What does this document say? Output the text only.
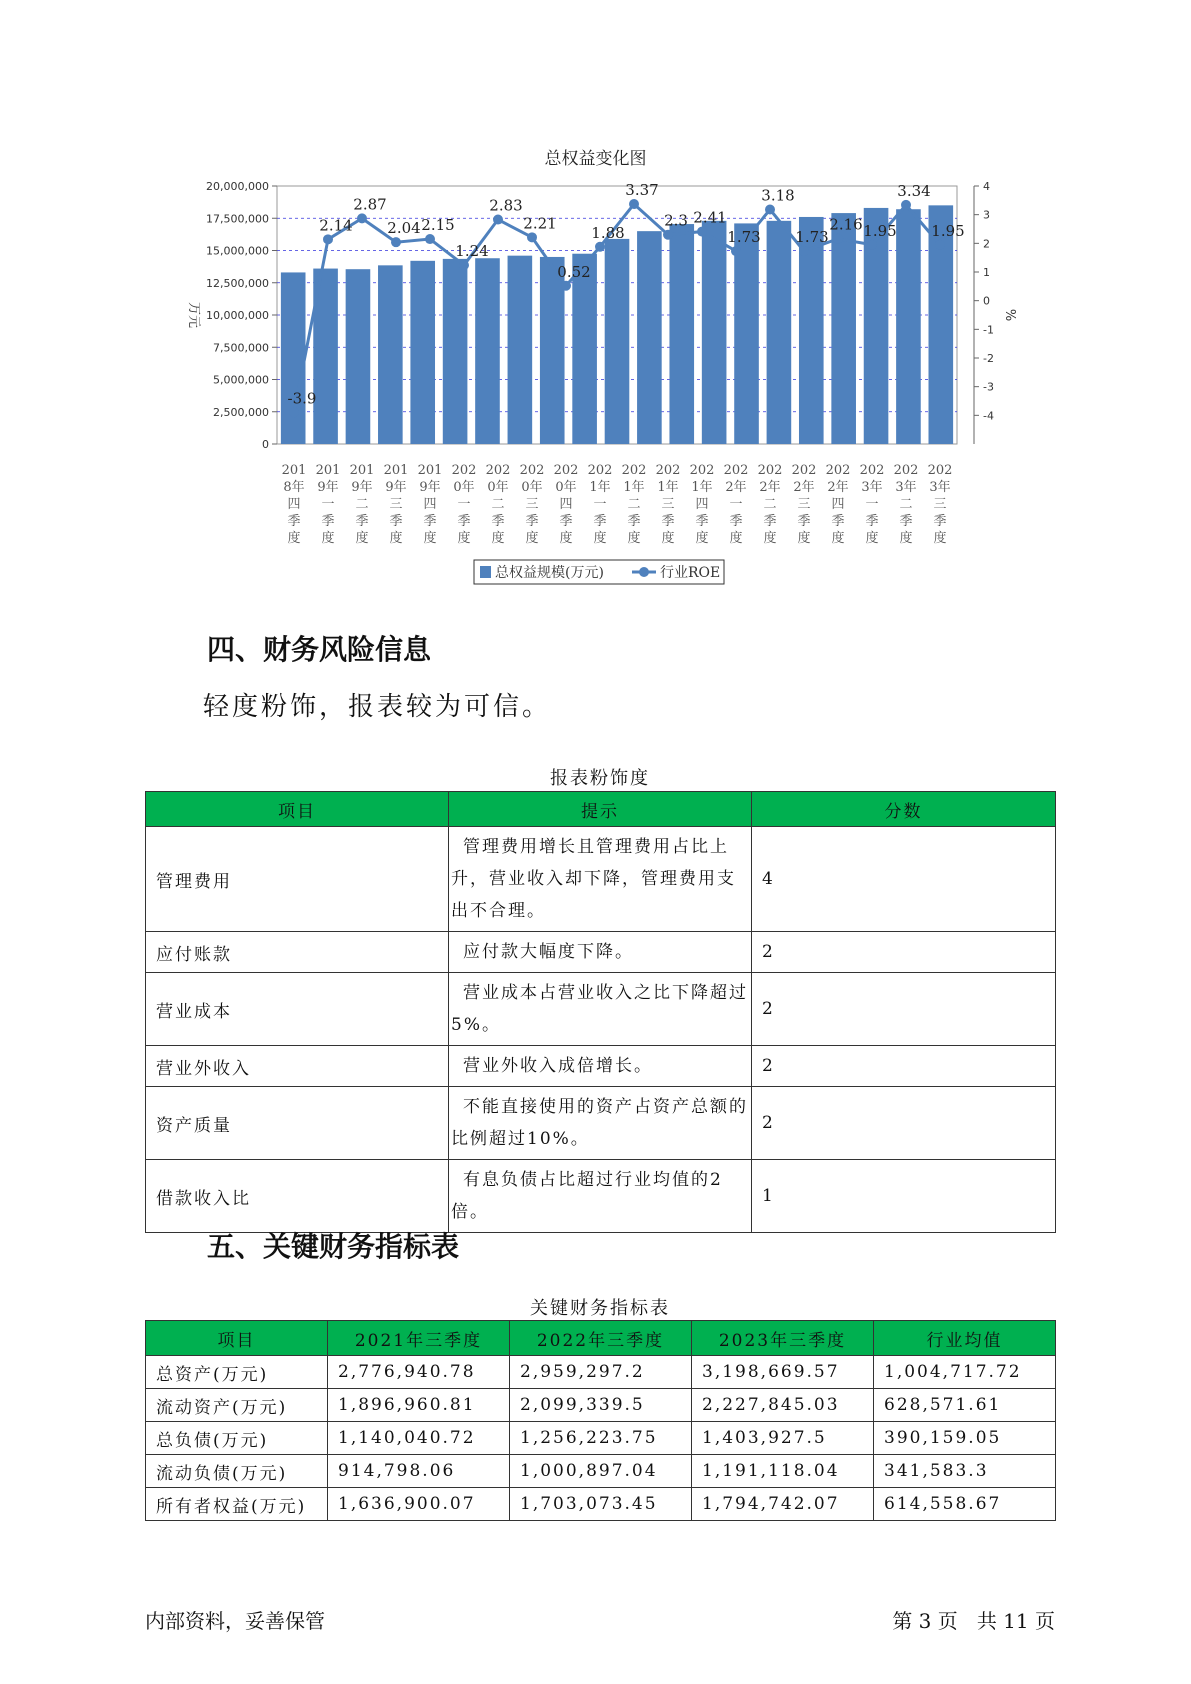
总权益变化图
0
2,500,000
5,000,000
7,500,000
10,000,000
12,500,000
15,000,000
17,500,000
20,000,000
-4
-3
-2
-1
0
1
2
3
4
万元	%
201
8年
四
季
度
201
9年
一
季
度
201
9年
二
季
度
201
9年
三
季
度
201
9年
四
季
度
202
0年
一
季
度
202
0年
二
季
度
202
0年
三
季
度
202
0年
四
季
度
202
1年
一
季
度
202
1年
二
季
度
202
1年
三
季
度
202
1年
四
季
度
202
2年
一
季
度
202
2年
二
季
度
202
2年
三
季
度
202
2年
四
季
度
202
3年
一
季
度
202
3年
二
季
度
202
3年
三
季
度
-3.9
2.14
2.87
2.04 2.15
1.24
2.83
2.21
0.52
1.88
3.37
2.3 2.41
1.73
3.18
1.73
2.16 1.95
3.34
1.95
总权益规模(万元)	行业ROE
四、财务风险信息
轻度粉饰，报表较为可信。
报表粉饰度
项目	提示	分数
管理费用	管理费用增长且管理费用占比上升，营业收入却下降，管理费用支出不合理。	4
应付账款	应付款大幅度下降。	2
营业成本	营业成本占营业收入之比下降超过5%。	2
营业外收入	营业外收入成倍增长。	2
资产质量	不能直接使用的资产占资产总额的比例超过10%。	2
借款收入比	有息负债占比超过行业均值的2倍。	1
五、关键财务指标表
关键财务指标表
项目	2021年三季度	2022年三季度	2023年三季度	行业均值
总资产(万元)	2,776,940.78	2,959,297.2	3,198,669.57	1,004,717.72
流动资产(万元)	1,896,960.81	2,099,339.5	2,227,845.03	628,571.61
总负债(万元)	1,140,040.72	1,256,223.75	1,403,927.5	390,159.05
流动负债(万元)	914,798.06	1,000,897.04	1,191,118.04	341,583.3
所有者权益(万元)	1,636,900.07	1,703,073.45	1,794,742.07	614,558.67
内部资料，妥善保管	第 3 页   共 11 页
